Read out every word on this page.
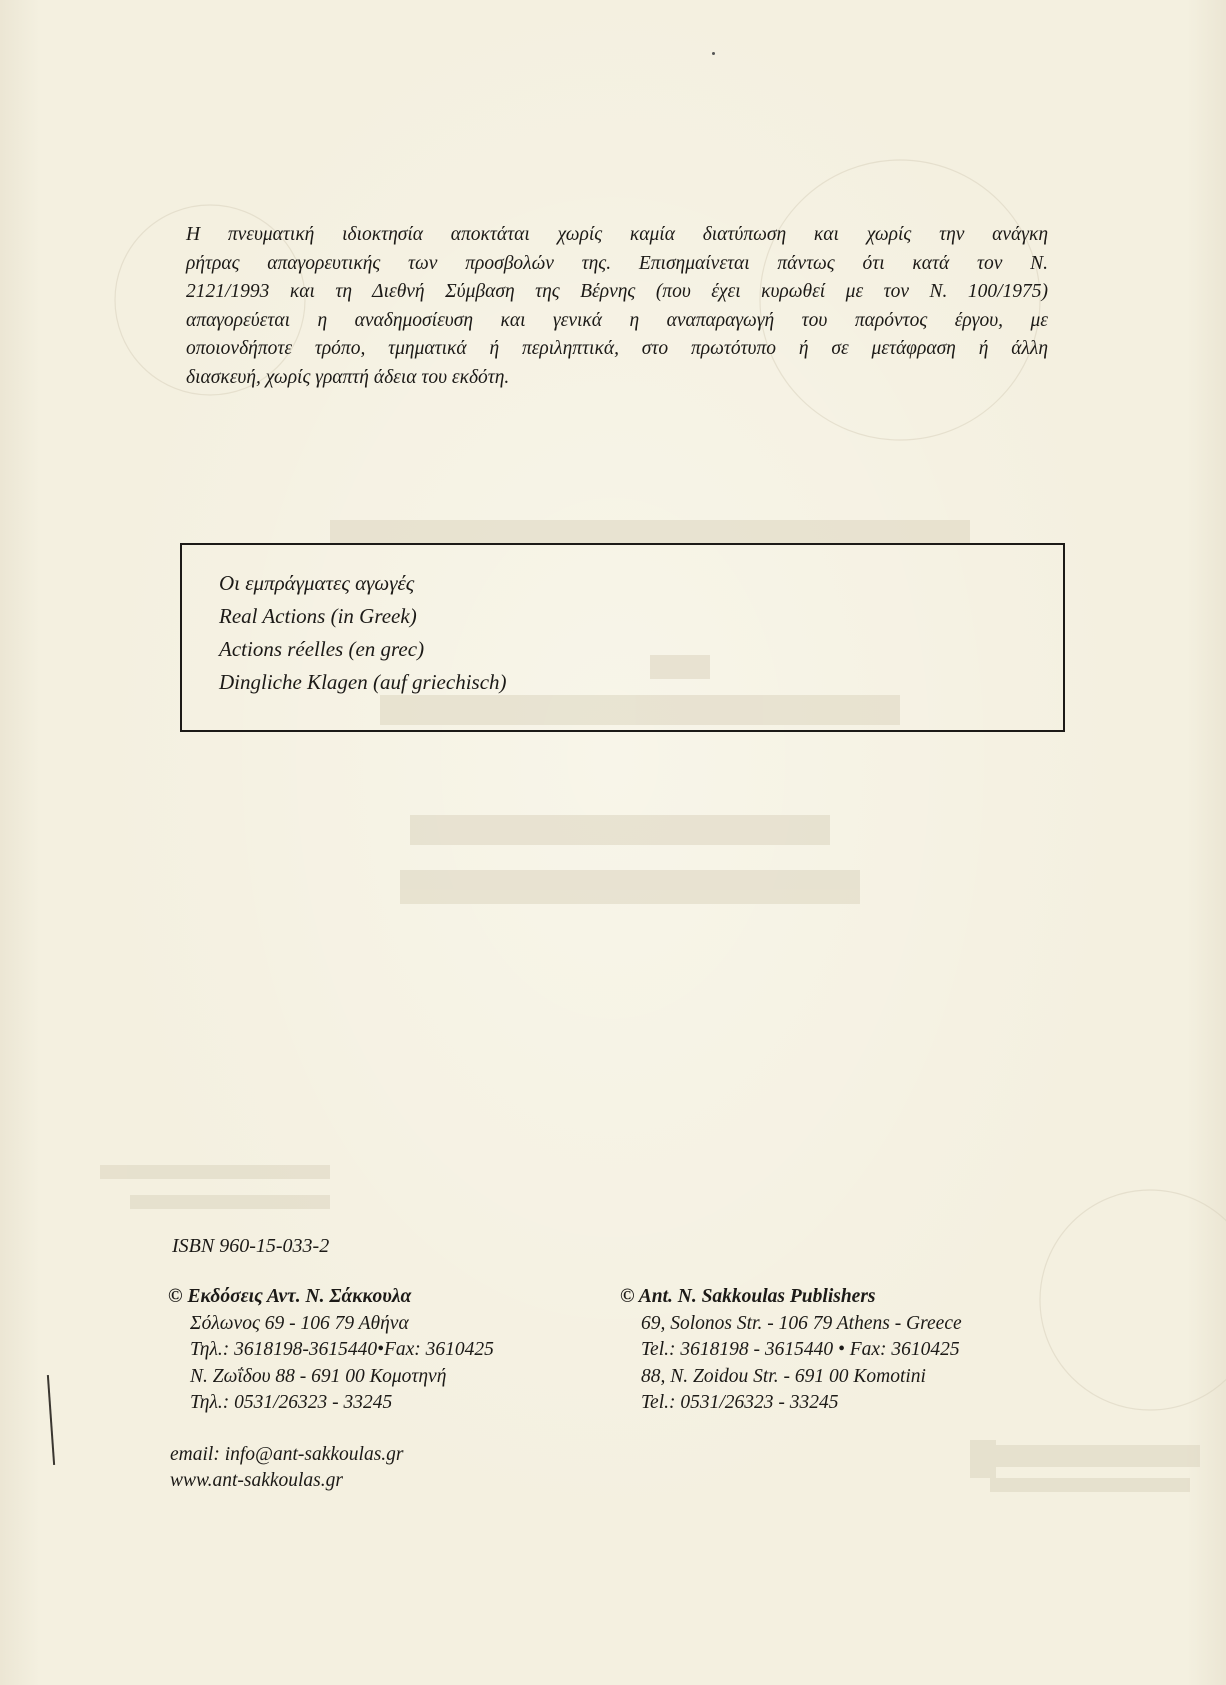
Η πνευματική ιδιοκτησία αποκτάται χωρίς καμία διατύπωση και χωρίς την ανάγκη
ρήτρας απαγορευτικής των προσβολών της. Επισημαίνεται πάντως ότι κατά τον Ν.
2121/1993 και τη Διεθνή Σύμβαση της Βέρνης (που έχει κυρωθεί με τον Ν. 100/1975)
απαγορεύεται η αναδημοσίευση και γενικά η αναπαραγωγή του παρόντος έργου, με
οποιονδήποτε τρόπο, τμηματικά ή περιληπτικά, στο πρωτότυπο ή σε μετάφραση ή άλλη
διασκευή, χωρίς γραπτή άδεια του εκδότη.
Οι εμπράγματες αγωγές
Real Actions (in Greek)
Actions réelles (en grec)
Dingliche Klagen (auf griechisch)
ISBN 960-15-033-2
© Εκδόσεις Αντ. Ν. Σάκκουλα
Σόλωνος 69 - 106 79 Αθήνα
Τηλ.: 3618198-3615440•Fax: 3610425
Ν. Ζωΐδου 88 - 691 00 Κομοτηνή
Τηλ.: 0531/26323 - 33245
© Ant. N. Sakkoulas Publishers
69, Solonos Str. - 106 79 Athens - Greece
Tel.: 3618198 - 3615440 • Fax: 3610425
88, N. Zoidou Str. - 691 00 Komotini
Tel.: 0531/26323 - 33245
email: info@ant-sakkoulas.gr
www.ant-sakkoulas.gr
